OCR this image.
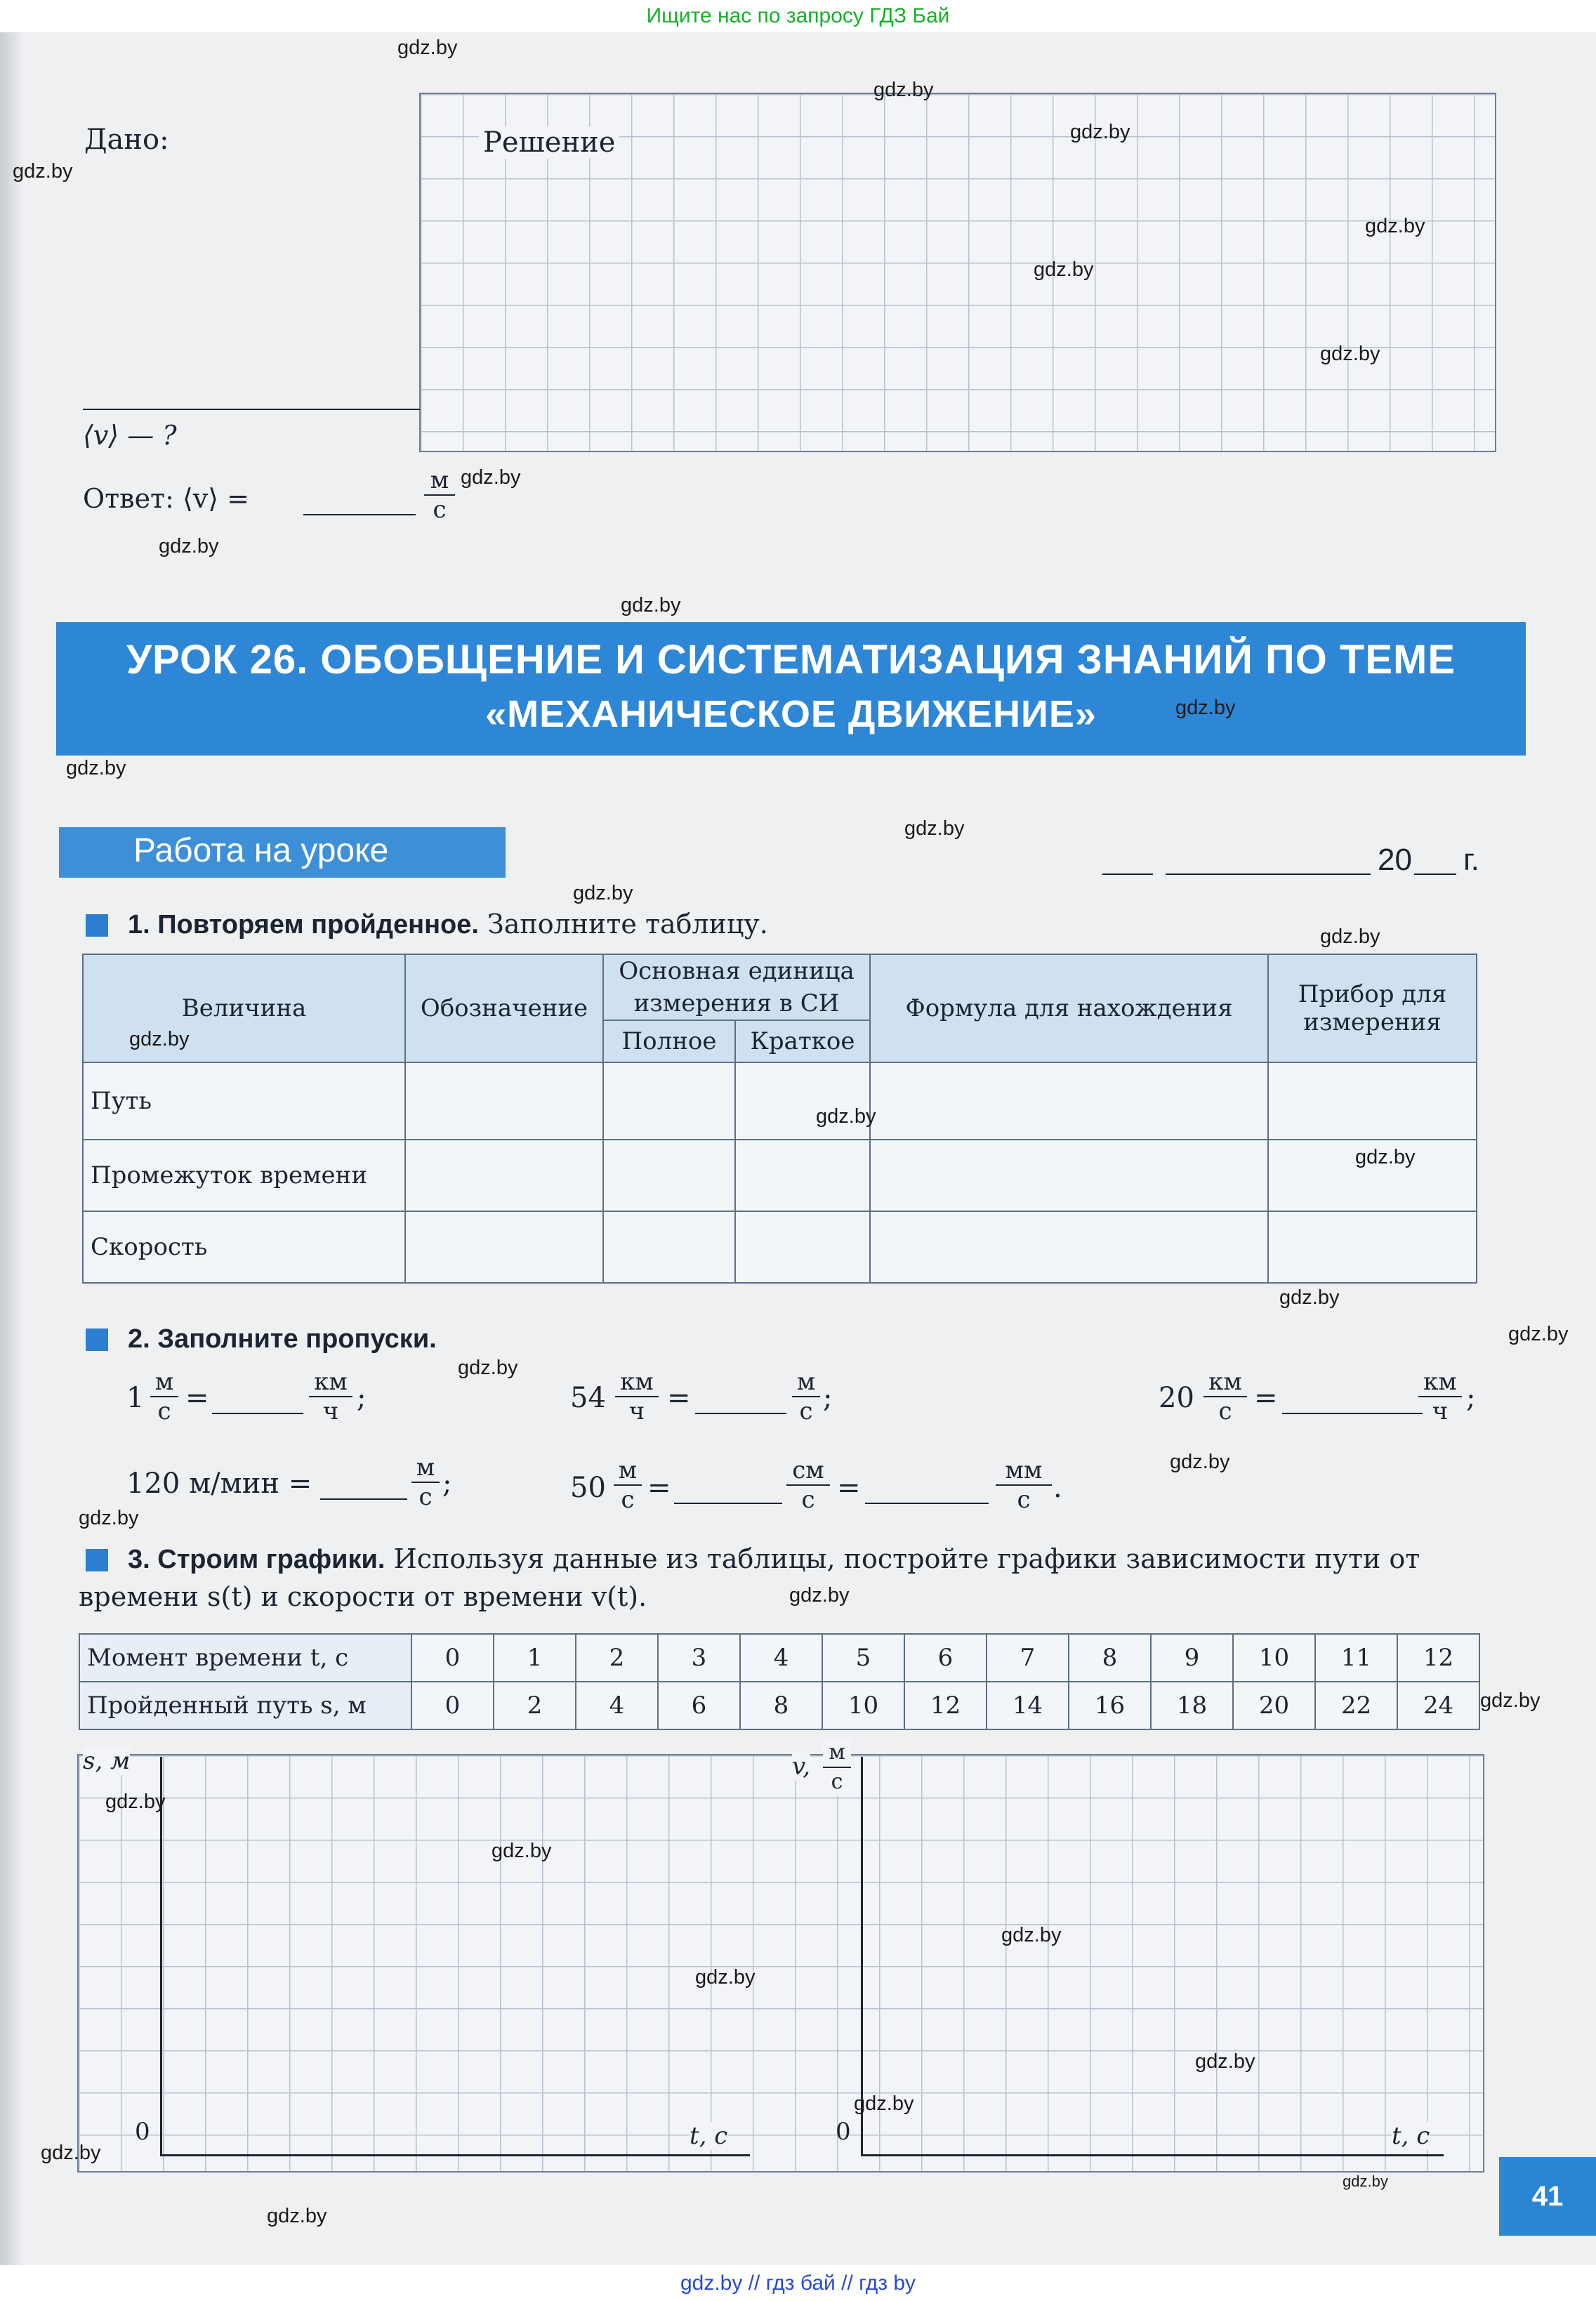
Ищите нас по запросу ГДЗ Бай
Дано:	Решение
⟨v⟩ — ?
Ответ: ⟨v⟩ =
м
с
УРОК 26. ОБОБЩЕНИЕ И СИСТЕМАТИЗАЦИЯ ЗНАНИЙ ПО ТЕМЕ
«МЕХАНИЧЕСКОЕ ДВИЖЕНИЕ»
Работа на уроке	20 г.
1. Повторяем пройденное. Заполните таблицу.
Величина	Обозначение	Основная единица измерения в СИ		Формула для нахождения	Прибор для измерения
		Полное	Краткое		
Путь					
Промежуток времени					
Скорость					
2. Заполните пропуски.
1 м
с =	км
ч ;	54 км
ч =	м
с ;	20 км
с =	км
ч ;
120 м/мин =	м
с ;	50
м
с =
см
с =
мм
с .
3. Строим графики. Используя данные из таблицы, постройте графики зависимости пути от
времени s(t) и скорости от времени v(t).
Момент времени t, с	0	1	2	3	4	5	6	7	8	9	10	11	12
Пройденный путь s, м	0	2	4	6	8	10	12	14	16	18	20	22	24
s, м
t, с
0
v,
м
с
t, с
0
41
gdz.by // гдз бай // гдз by
gdz.by
gdz.by
gdz.by
gdz.by
gdz.by
gdz.by
gdz.by
gdz.by
gdz.by
gdz.by
gdz.by
gdz.by
gdz.by
gdz.by
gdz.by
gdz.by
gdz.by
gdz.by
gdz.by
gdz.by
gdz.by
gdz.by
gdz.by
gdz.by
gdz.by
gdz.by
gdz.by
gdz.by
gdz.by
gdz.by
gdz.by
gdz.by
gdz.by
gdz.by
